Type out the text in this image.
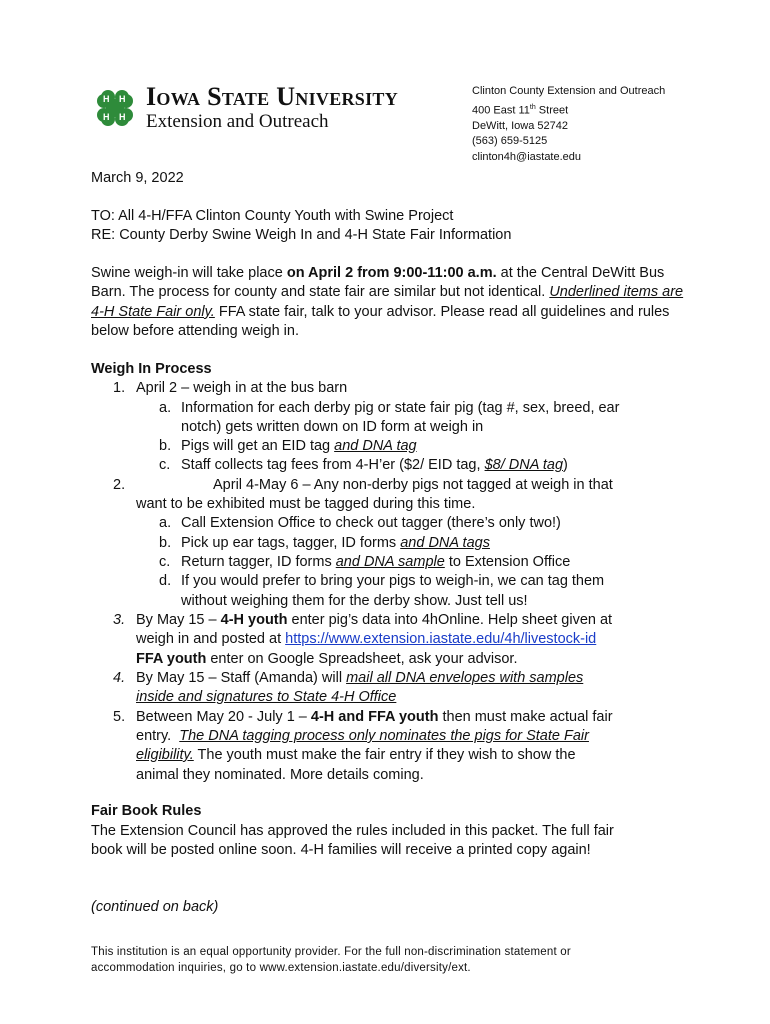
H H
H H
Iowa State University
Extension and Outreach
Clinton County Extension and Outreach
400 East 11th Street
DeWitt, Iowa 52742
(563) 659-5125
clinton4h@iastate.edu
March 9, 2022
TO: All 4-H/FFA Clinton County Youth with Swine Project
RE: County Derby Swine Weigh In and 4-H State Fair Information
Swine weigh-in will take place on April 2 from 9:00-11:00 a.m. at the Central DeWitt Bus Barn. The process for county and state fair are similar but not identical. Underlined items are 4-H State Fair only. FFA state fair, talk to your advisor. Please read all guidelines and rules below before attending weigh in.
Weigh In Process
1. April 2 – weigh in at the bus barn
a. Information for each derby pig or state fair pig (tag #, sex, breed, ear
notch) gets written down on ID form at weigh in
b. Pigs will get an EID tag and DNA tag
c. Staff collects tag fees from 4-H’er ($2/ EID tag, $8/ DNA tag)
2.	April 4-May 6 – Any non-derby pigs not tagged at weigh in that
want to be exhibited must be tagged during this time.
a. Call Extension Office to check out tagger (there’s only two!)
b. Pick up ear tags, tagger, ID forms and DNA tags
c. Return tagger, ID forms and DNA sample to Extension Office
d. If you would prefer to bring your pigs to weigh-in, we can tag them
without weighing them for the derby show. Just tell us!
3. By May 15 – 4-H youth enter pig’s data into 4hOnline. Help sheet given at
weigh in and posted at https://www.extension.iastate.edu/4h/livestock-id
FFA youth enter on Google Spreadsheet, ask your advisor.
4. By May 15 – Staff (Amanda) will mail all DNA envelopes with samples
inside and signatures to State 4-H Office
5. Between May 20 - July 1 – 4-H and FFA youth then must make actual fair
entry.  The DNA tagging process only nominates the pigs for State Fair
eligibility. The youth must make the fair entry if they wish to show the
animal they nominated. More details coming.
Fair Book Rules
The Extension Council has approved the rules included in this packet. The full fair
book will be posted online soon. 4-H families will receive a printed copy again!
(continued on back)
This institution is an equal opportunity provider. For the full non-discrimination statement or
accommodation inquiries, go to www.extension.iastate.edu/diversity/ext.
